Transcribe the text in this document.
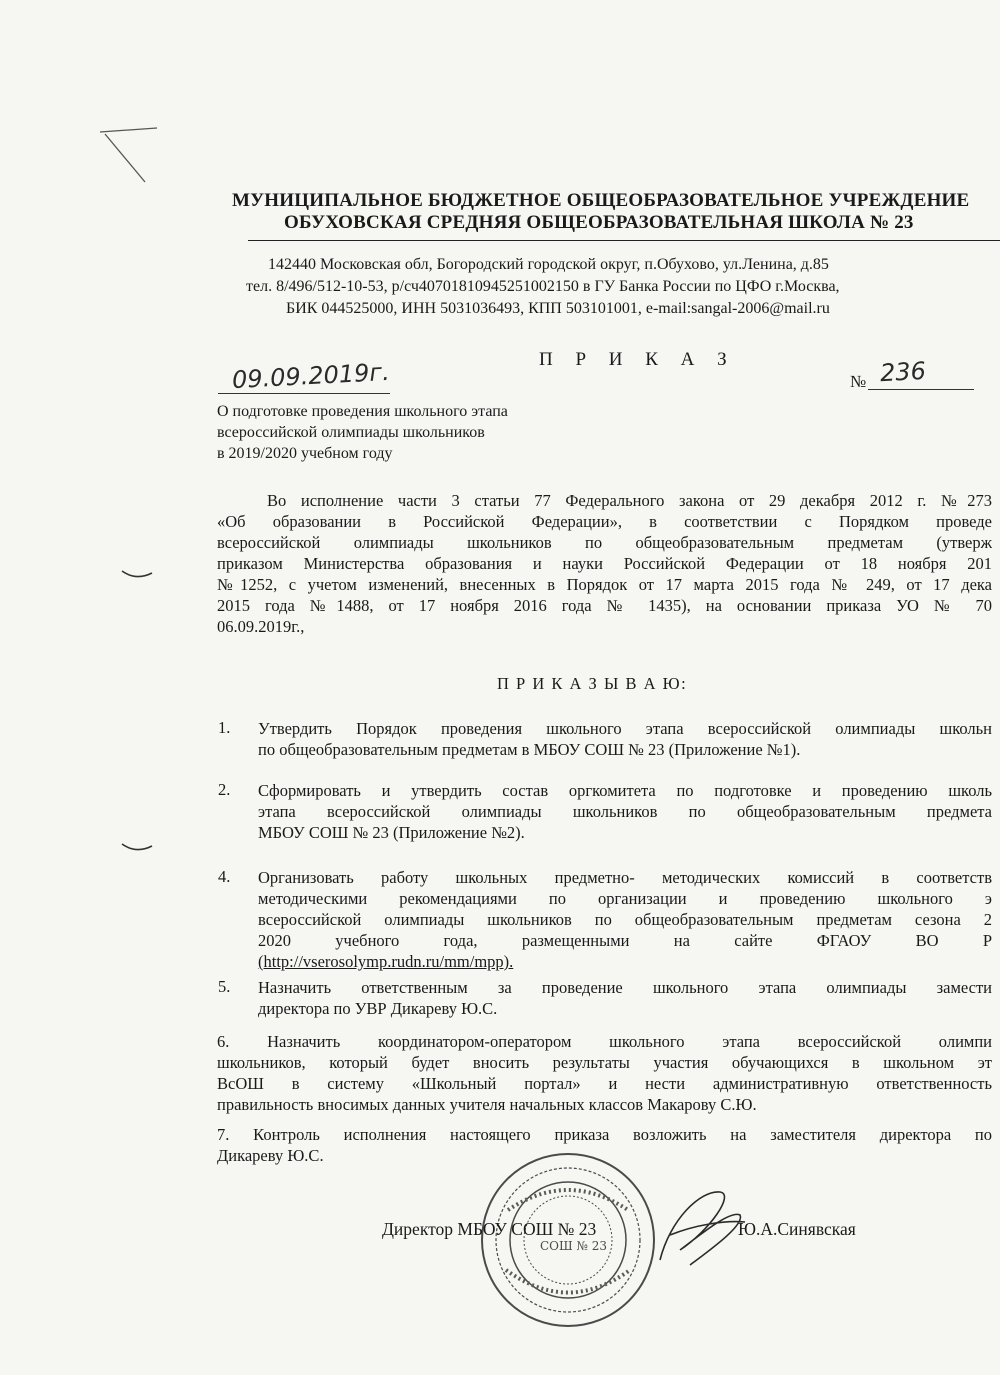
МУНИЦИПАЛЬНОЕ БЮДЖЕТНОЕ ОБЩЕОБРАЗОВАТЕЛЬНОЕ УЧРЕЖДЕНИЕ
ОБУХОВСКАЯ СРЕДНЯЯ ОБЩЕОБРАЗОВАТЕЛЬНАЯ ШКОЛА № 23
142440 Московская обл, Богородский городской округ, п.Обухово, ул.Ленина, д.85
тел. 8/496/512-10-53, р/сч40701810945251002150 в ГУ Банка России по ЦФО г.Москва,
БИК 044525000, ИНН 5031036493, КПП 503101001, e-mail:sangal-2006@mail.ru
П Р И К А З
09.09.2019г.	№ 236
О подготовке проведения школьного этапа
всероссийской олимпиады школьников
в 2019/2020 учебном году
Во исполнение части 3 статьи 77 Федерального закона от 29 декабря 2012 г. №273
«Об образовании в Российской Федерации», в соответствии с Порядком проведе
всероссийской олимпиады школьников по общеобразовательным предметам (утверж
приказом Министерства образования и науки Российской Федерации от 18 ноября 201
№1252, с учетом изменений, внесенных в Порядок от 17 марта 2015 года № 249, от 17 дека
2015 года №1488, от 17 ноября 2016 года № 1435), на основании приказа УО № 70
06.09.2019г.,
П Р И К А З Ы В А Ю:
1. Утвердить Порядок проведения школьного этапа всероссийской олимпиады школьн
по общеобразовательным предметам в МБОУ СОШ № 23 (Приложение №1).
2. Сформировать и утвердить состав оргкомитета по подготовке и проведению школь
этапа всероссийской олимпиады школьников по общеобразовательным предмета
МБОУ СОШ № 23 (Приложение №2).
4. Организовать работу школьных предметно- методических комиссий в соответств
методическими рекомендациями по организации и проведению школьного э
всероссийской олимпиады школьников по общеобразовательным предметам сезона 2
2020 учебного года, размещенными на сайте ФГАОУ ВО Р
(http://vserosolymp.rudn.ru/mm/mpp).
5. Назначить ответственным за проведение школьного этапа олимпиады замести
директора по УВР Дикареву Ю.С.
6. Назначить координатором-оператором школьного этапа всероссийской олимпи
школьников, который будет вносить результаты участия обучающихся в школьном эт
ВсОШ в систему «Школьный портал» и нести административную ответственность
правильность вносимых данных учителя начальных классов Макарову С.Ю.
7. Контроль исполнения настоящего приказа возложить на заместителя директора по
Дикареву Ю.С.
СОШ № 23
Директор МБОУ СОШ № 23	Ю.А.Синявская
